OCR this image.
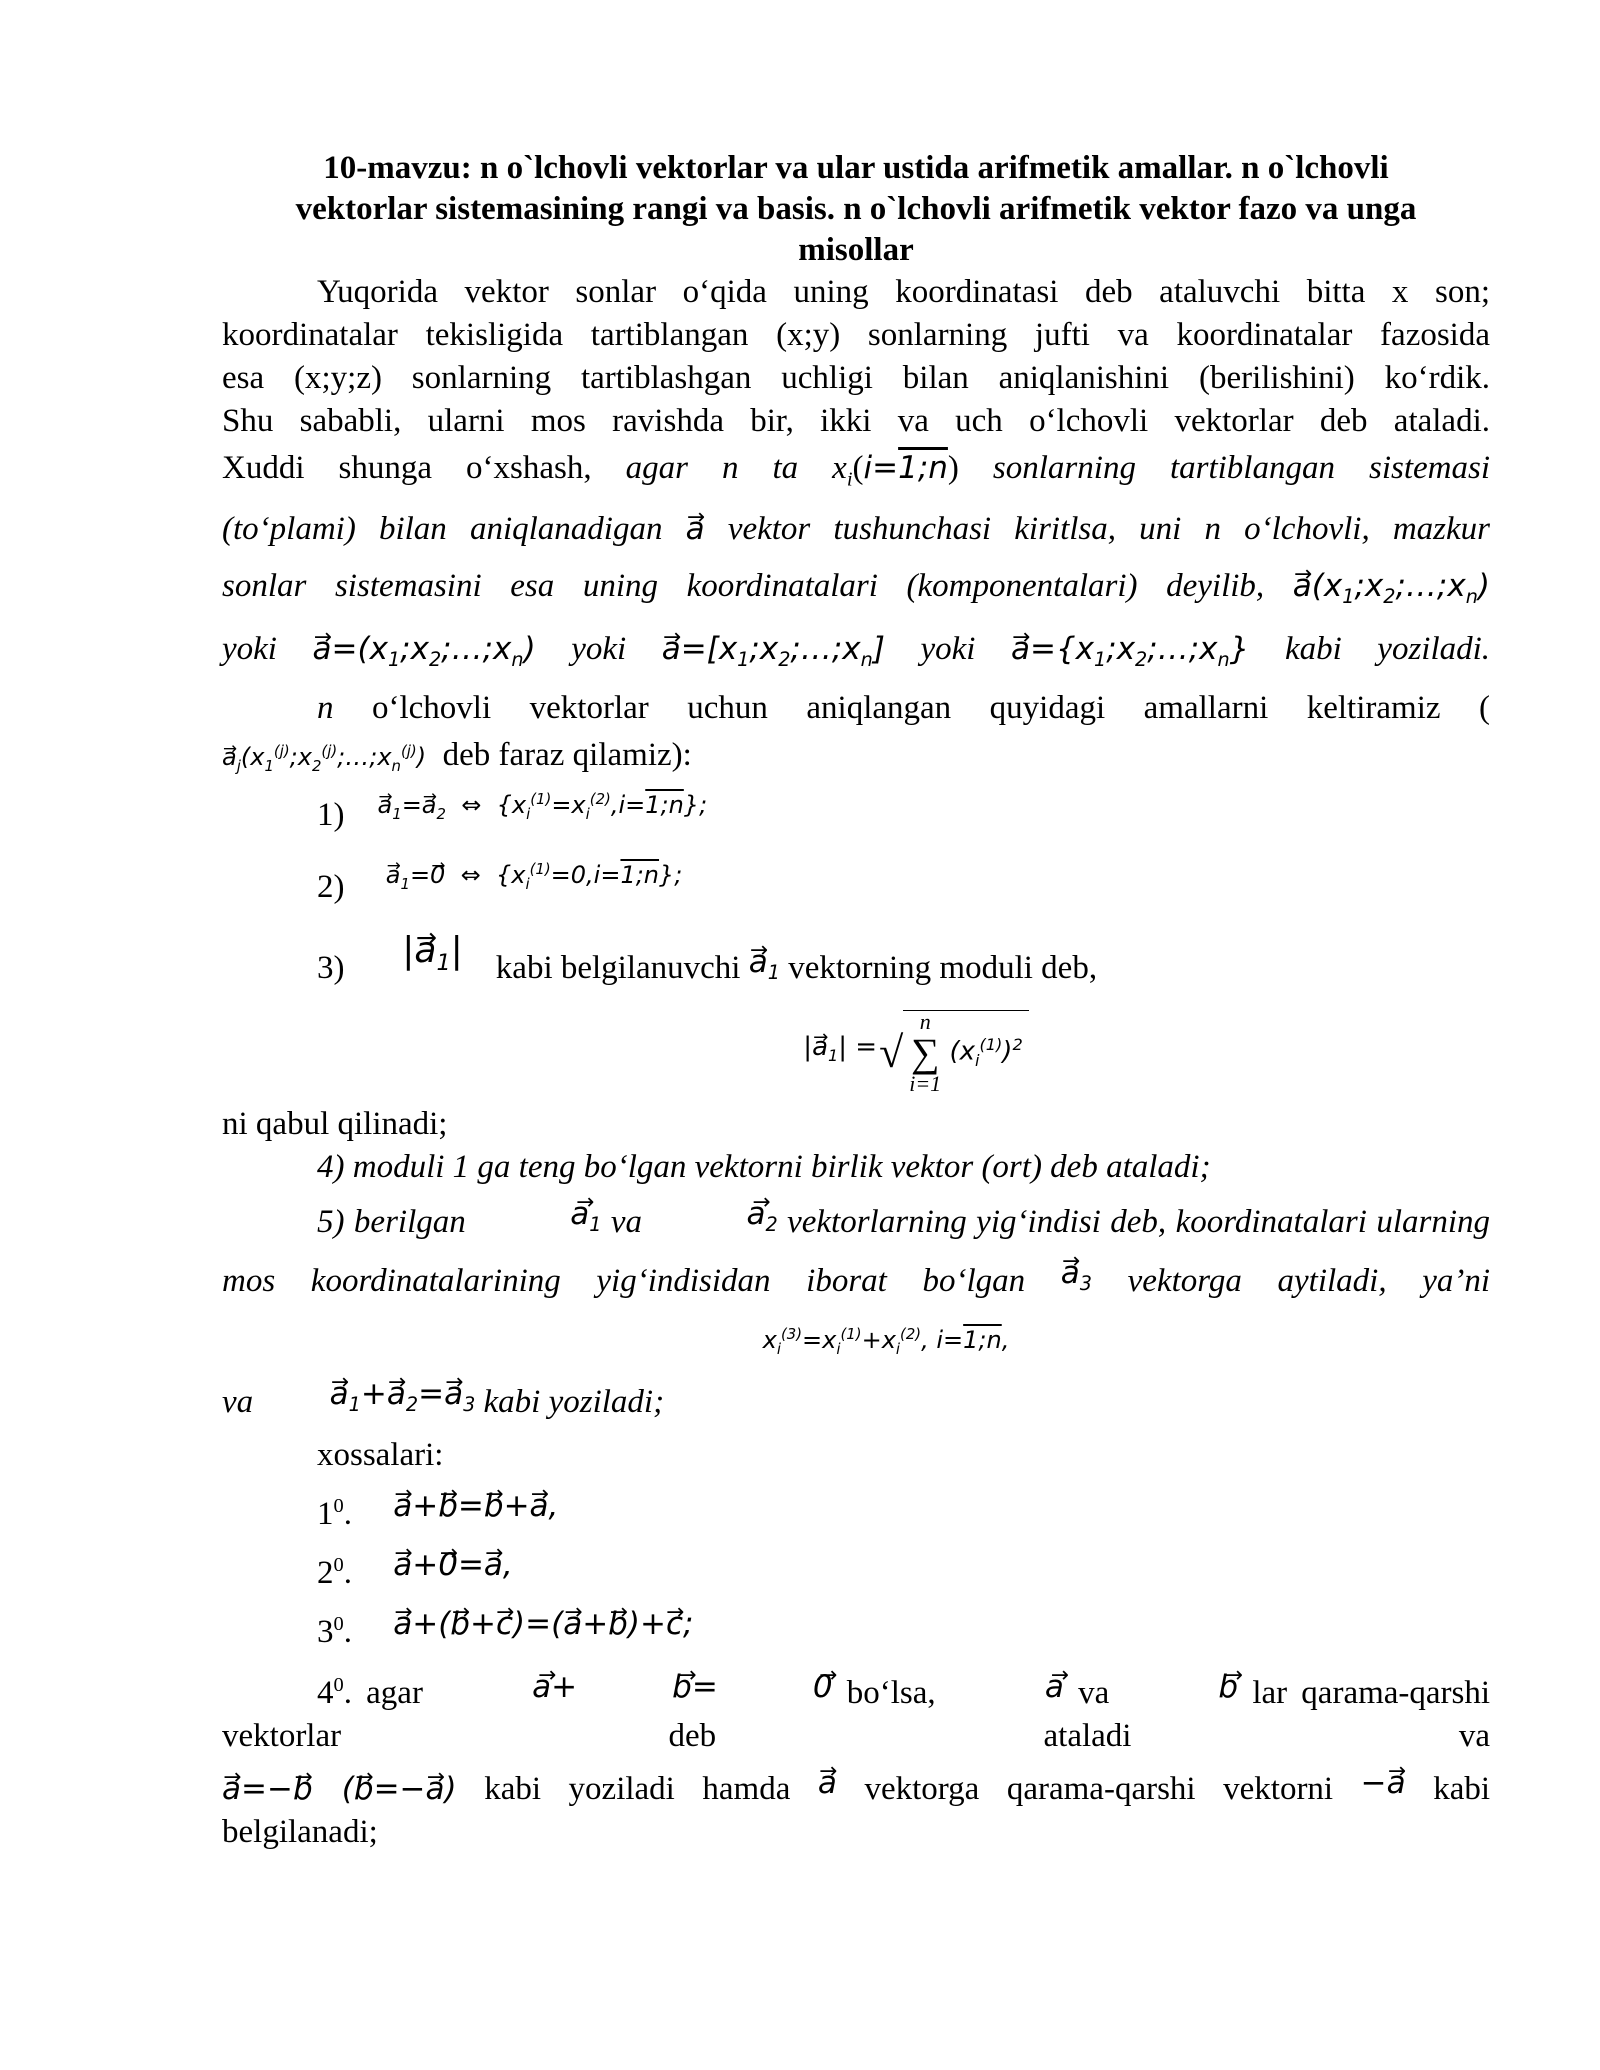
10-mavzu: n o`lchovli vektorlar va ular ustida arifmetik amallar. n o`lchovli
vektorlar sistemasining rangi va basis. n o`lchovli arifmetik vektor fazo va unga
misollar

Yuqorida vektor sonlar o‘qida uning koordinatasi deb ataluvchi bitta x son;

koordinatalar tekisligida tartiblangan (x;y) sonlarning jufti va koordinatalar fazosida

esa (x;y;z) sonlarning tartiblashgan uchligi bilan aniqlanishini (berilishini) ko‘rdik.

Shu sababli, ularni mos ravishda bir, ikki va uch o‘lchovli vektorlar deb ataladi.

Xuddi shunga o‘xshash, agar n ta $x_i(i=1;n)$ sonlarning tartiblangan sistemasi

(to‘plami) bilan aniqlanadigan a → vektor tushunchasi kiritlsa, uni n o‘lchovli, mazkur

sonlar sistemasini esa uning koordinatalari (komponentalari) deyilib, $a \to(x_1;x_2;\dots;x_n)$

yoki $a \to=(x_1;x_2;\dots;x_n)$ yoki $a \to=[x_1;x_2;\dots;x_n]$ yoki $a \to=\{x_1;x_2;\dots;x_n\}$ kabi yoziladi.

n o‘lchovli vektorlar uchun aniqlangan quyidagi amallarni keltiramiz (

$a \to_j(x_1^{(j)};x_2^{(j)};\dots;x_n^{(j)})$ deb faraz qilamiz):

1) $^{a \to_1=a \to_2 \Leftrightarrow \{x_i^{(1)}=x_i^{(2)},i=1;n\};}$

2) $^{a \to_1=0 \to \Leftrightarrow \{x_i^{(1)}=0,i=1;n\};}$

3) $|a \to_1|$ kabi belgilanuvchi $a \to_1$ vektorning moduli deb,

$|a \to_1|$ = √
n
∑
i=1
$(x_i^{(1)})^2$

ni qabul qilinadi;

4) moduli 1 ga teng bo‘lgan vektorni birlik vektor (ort) deb ataladi;

5) berilgan	$a \to_1$ va	$a \to_2$ vektorlarning yig‘indisi deb, koordinatalari ularning

mos koordinatalarining yig‘indisidan iborat bo‘lgan $a \to_3$ vektorga aytiladi, ya’ni

$x_i^{(3)}=x_i^{(1)}+x_i^{(2)}$, i=1;n,

va $a \to_1+a \to_2=a \to_3$ kabi yoziladi;

xossalari:

$1^0$.     a →+b →=b →+a →,

$2^0$.     a →+0 →=a →,

$3^0$.     a →+(b →+c →)=(a →+b →)+c →;

$4^0$. agar	a →+	b →=	0 → bo‘lsa,	a → va	b → lar qarama-qarshi vektorlar deb ataladi va

a →=−b → (b →=−a →) kabi yoziladi hamda a → vektorga qarama-qarshi vektorni −a → kabi

belgilanadi;
